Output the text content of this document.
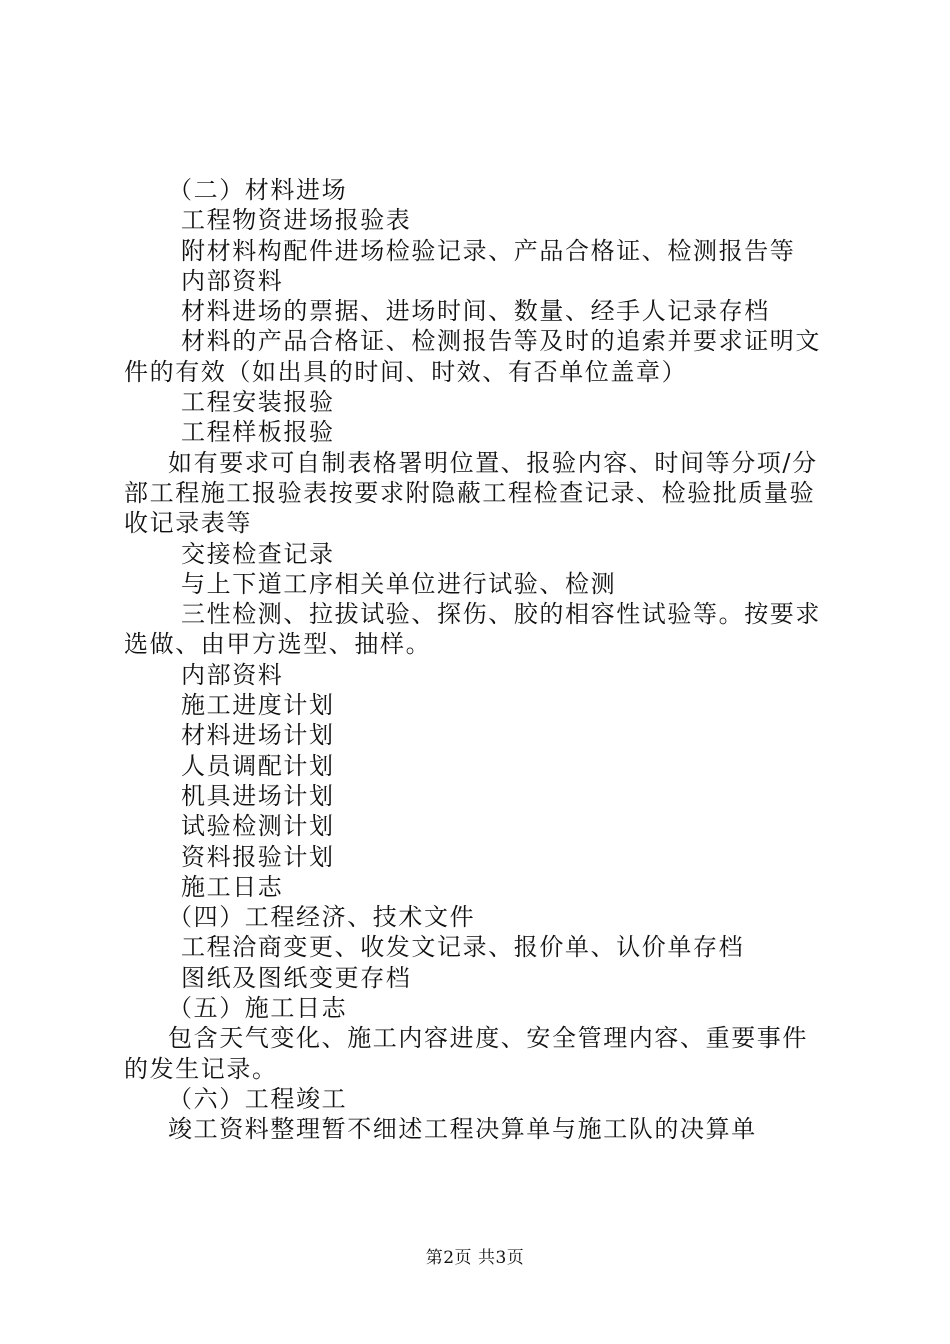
（二）材料进场
工程物资进场报验表
附材料构配件进场检验记录、产品合格证、检测报告等
内部资料
材料进场的票据、进场时间、数量、经手人记录存档
材料的产品合格证、检测报告等及时的追索并要求证明文
件的有效（如出具的时间、时效、有否单位盖章）
工程安装报验
工程样板报验
如有要求可自制表格署明位置、报验内容、时间等分项/分
部工程施工报验表按要求附隐蔽工程检查记录、检验批质量验
收记录表等
交接检查记录
与上下道工序相关单位进行试验、检测
三性检测、拉拔试验、探伤、胶的相容性试验等。按要求
选做、由甲方选型、抽样。
内部资料
施工进度计划
材料进场计划
人员调配计划
机具进场计划
试验检测计划
资料报验计划
施工日志
（四）工程经济、技术文件
工程洽商变更、收发文记录、报价单、认价单存档
图纸及图纸变更存档
（五）施工日志
包含天气变化、施工内容进度、安全管理内容、重要事件
的发生记录。
（六）工程竣工
竣工资料整理暂不细述工程决算单与施工队的决算单
第2页 共3页
